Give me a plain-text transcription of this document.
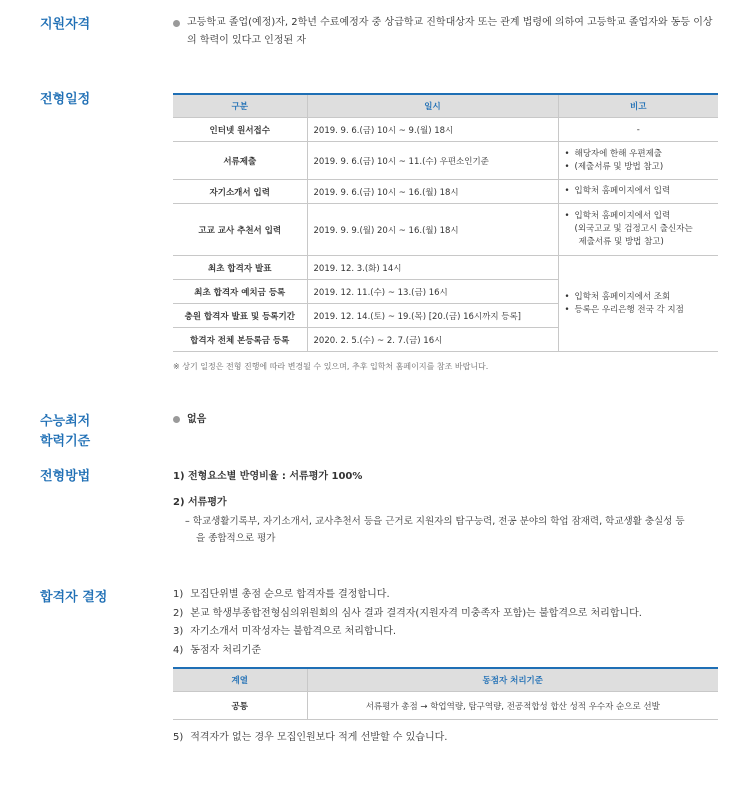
지원자격	고등학교 졸업(예정)자, 2학년 수료예정자 중 상급학교 진학대상자 또는 관계 법령에 의하여 고등학교 졸업자와 동등 이상
의 학력이 있다고 인정된 자
전형일정	구분	일시	비고
인터넷 원서접수	2019. 9. 6.(금) 10시 ~ 9.(월) 18시	-
서류제출	2019. 9. 6.(금) 10시 ~ 11.(수) 우편소인기준	• 해당자에 한해 우편제출
• (제출서류 및 방법 참고)

자기소개서 입력	2019. 9. 6.(금) 10시 ~ 16.(월) 18시	• 입학처 홈페이지에서 입력

고교 교사 추천서 입력	2019. 9. 9.(월) 20시 ~ 16.(월) 18시	• 입학처 홈페이지에서 입력
(외국고교 및 검정고시 출신자는
제출서류 및 방법 참고)

최초 합격자 발표	2019. 12. 3.(화) 14시	• 입학처 홈페이지에서 조회
• 등록은 우리은행 전국 각 지점

최초 합격자 예치금 등록	2019. 12. 11.(수) ~ 13.(금) 16시	
충원 합격자 발표 및 등록기간	2019. 12. 14.(토) ~ 19.(목) [20.(금) 16시까지 등록]	
합격자 전체 본등록금 등록	2020. 2. 5.(수) ~ 2. 7.(금) 16시	
※ 상기 일정은 전형 진행에 따라 변경될 수 있으며, 추후 입학처 홈페이지를 참조 바랍니다.
수능최저
학력기준
없음
전형방법	1) 전형요소별 반영비율 : 서류평가 100%
2) 서류평가
– 학교생활기록부, 자기소개서, 교사추천서 등을 근거로 지원자의 탐구능력, 전공 분야의 학업 잠재력, 학교생활 충실성 등
을 종합적으로 평가
합격자 결정	1) 모집단위별 총점 순으로 합격자를 결정합니다.
2) 본교 학생부종합전형심의위원회의 심사 결과 결격자(지원자격 미충족자 포함)는 불합격으로 처리합니다.
3) 자기소개서 미작성자는 불합격으로 처리합니다.
4) 동점자 처리기준
계열	동점자 처리기준
공통	서류평가 총점 → 학업역량, 탐구역량, 전공적합성 합산 성적 우수자 순으로 선발
5) 적격자가 없는 경우 모집인원보다 적게 선발할 수 있습니다.
